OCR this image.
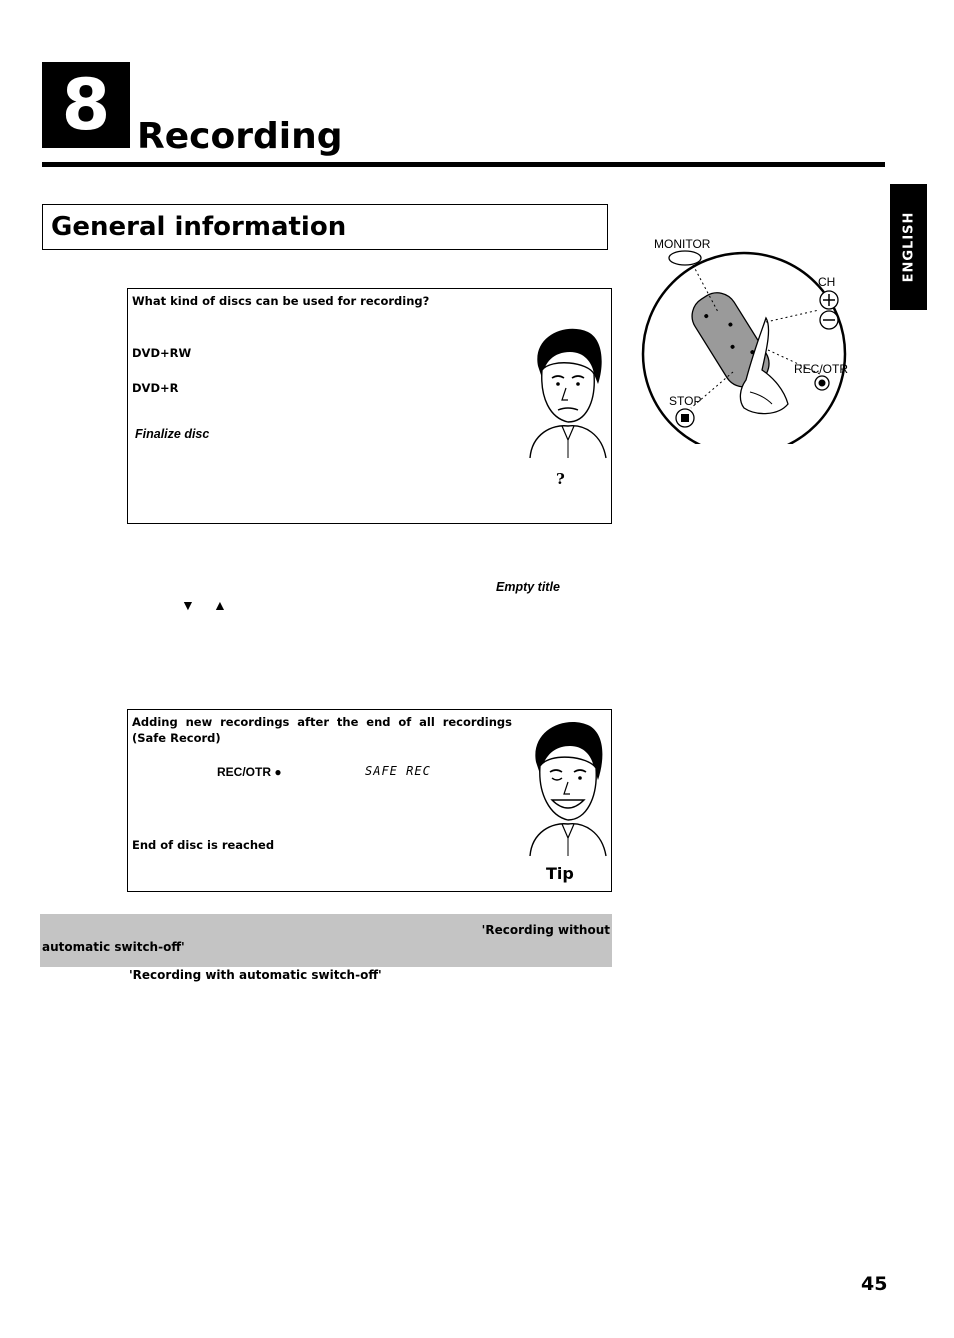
8 Recording
General information	ENGLISH
MONITOR
CH
REC/OTR
STOP
What kind of discs can be used for recording?
DVD+RW
DVD+R
Finalize disc
?
Empty title
▼ ▲
Adding new recordings after the end of all recordings
(Safe Record)
REC/OTR ●	SAFE REC
End of disc is reached
Tip
'Recording without
automatic switch-off'
'Recording with automatic switch-off'
45
